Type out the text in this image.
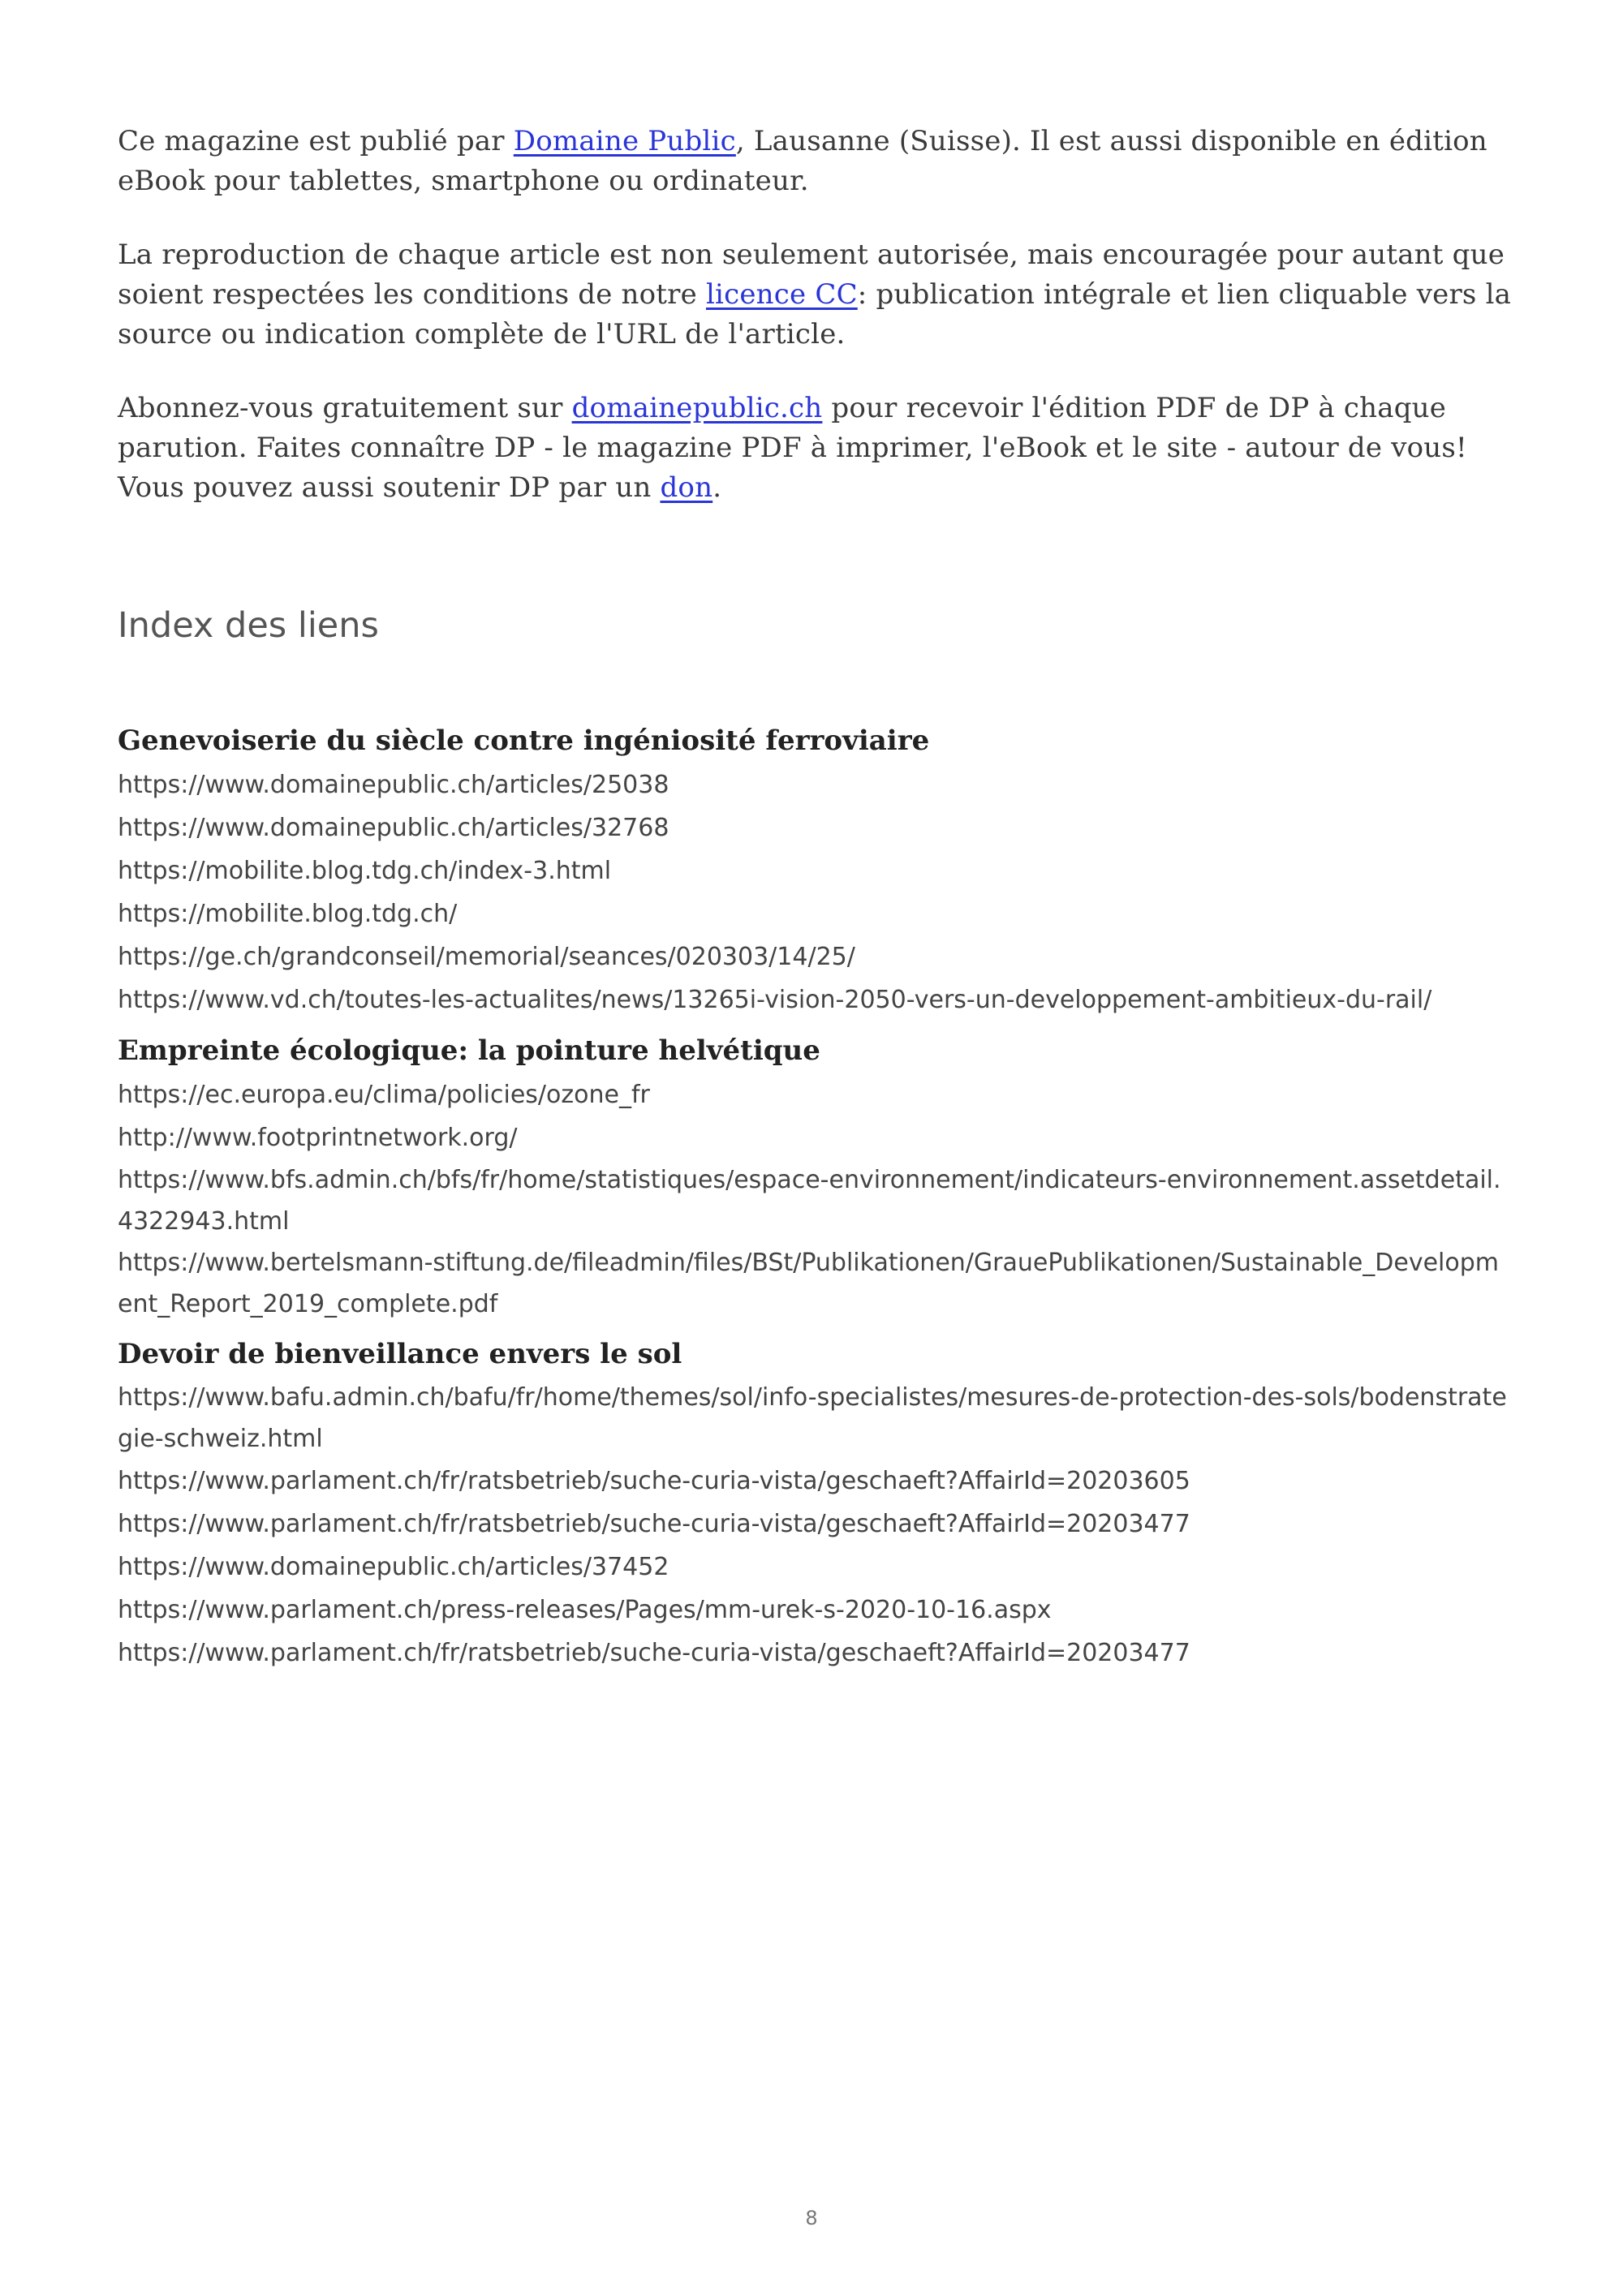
Ce magazine est publié par Domaine Public, Lausanne (Suisse). Il est aussi disponible en édition eBook pour tablettes, smartphone ou ordinateur.

La reproduction de chaque article est non seulement autorisée, mais encouragée pour autant que soient respectées les conditions de notre licence CC: publication intégrale et lien cliquable vers la source ou indication complète de l'URL de l'article.

Abonnez-vous gratuitement sur domainepublic.ch pour recevoir l'édition PDF de DP à chaque parution. Faites connaître DP - le magazine PDF à imprimer, l'eBook et le site - autour de vous! Vous pouvez aussi soutenir DP par un don.

Index des liens
Genevoiserie du siècle contre ingéniosité ferroviaire
https://www.domainepublic.ch/articles/25038
https://www.domainepublic.ch/articles/32768
https://mobilite.blog.tdg.ch/index-3.html
https://mobilite.blog.tdg.ch/
https://ge.ch/grandconseil/memorial/seances/020303/14/25/
https://www.vd.ch/toutes-les-actualites/news/13265i-vision-2050-vers-un-developpement-ambitieux-du-rail/
Empreinte écologique: la pointure helvétique
https://ec.europa.eu/clima/policies/ozone_fr
http://www.footprintnetwork.org/
https://www.bfs.admin.ch/bfs/fr/home/statistiques/espace-environnement/indicateurs-environnement.assetdetail.4322943.html
https://www.bertelsmann-stiftung.de/fileadmin/files/BSt/Publikationen/GrauePublikationen/Sustainable_Development_Report_2019_complete.pdf
Devoir de bienveillance envers le sol
https://www.bafu.admin.ch/bafu/fr/home/themes/sol/info-specialistes/mesures-de-protection-des-sols/bodenstrategie-schweiz.html
https://www.parlament.ch/fr/ratsbetrieb/suche-curia-vista/geschaeft?AffairId=20203605
https://www.parlament.ch/fr/ratsbetrieb/suche-curia-vista/geschaeft?AffairId=20203477
https://www.domainepublic.ch/articles/37452
https://www.parlament.ch/press-releases/Pages/mm-urek-s-2020-10-16.aspx
https://www.parlament.ch/fr/ratsbetrieb/suche-curia-vista/geschaeft?AffairId=20203477
8
